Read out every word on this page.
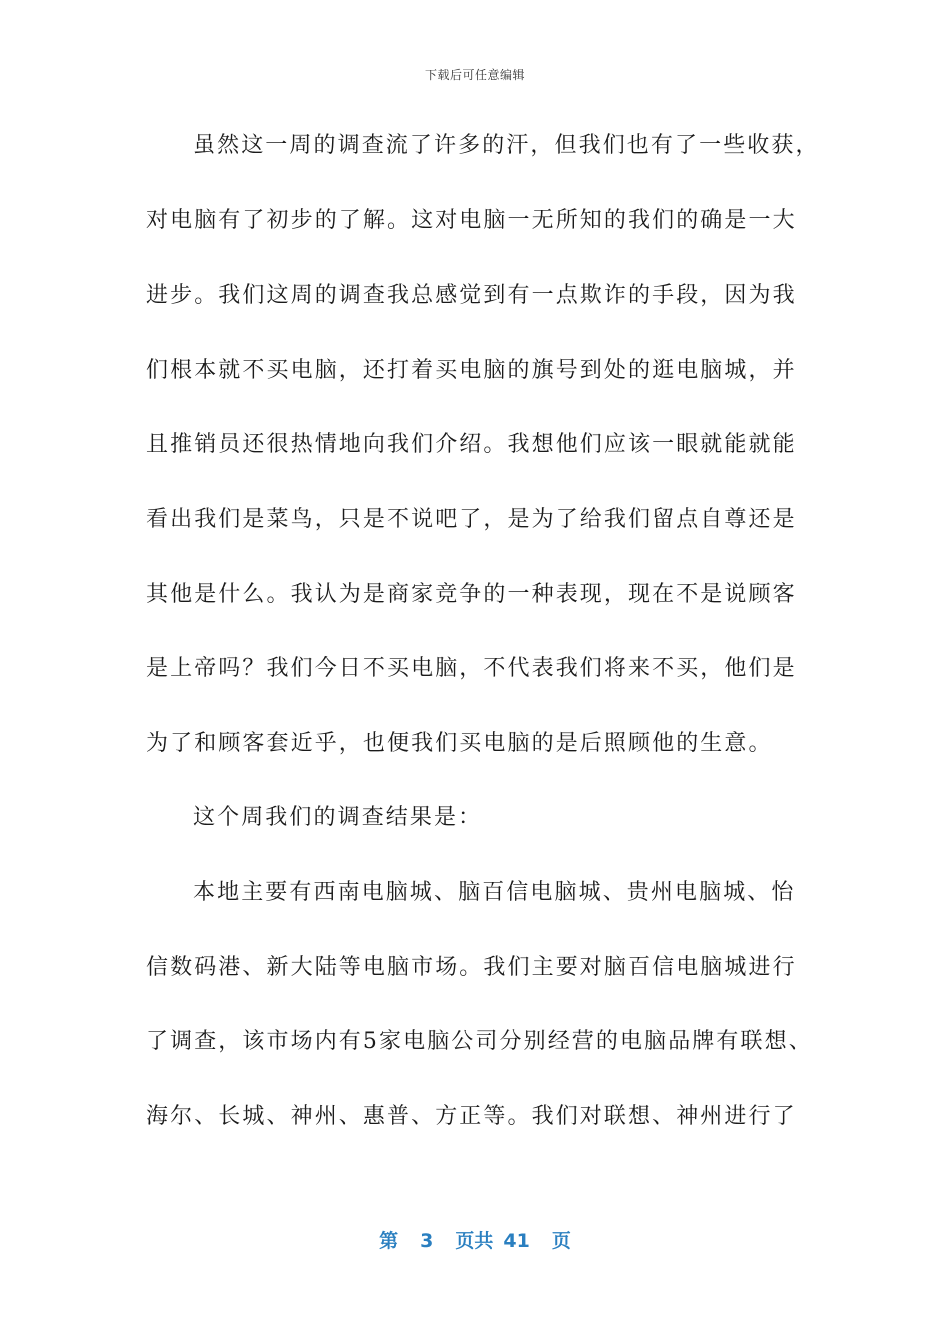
下载后可任意编辑
虽然这一周的调查流了许多的汗，但我们也有了一些收获，
对电脑有了初步的了解。这对电脑一无所知的我们的确是一大
进步。我们这周的调查我总感觉到有一点欺诈的手段，因为我
们根本就不买电脑，还打着买电脑的旗号到处的逛电脑城，并
且推销员还很热情地向我们介绍。我想他们应该一眼就能就能
看出我们是菜鸟，只是不说吧了，是为了给我们留点自尊还是
其他是什么。我认为是商家竞争的一种表现，现在不是说顾客
是上帝吗？我们今日不买电脑，不代表我们将来不买，他们是
为了和顾客套近乎，也便我们买电脑的是后照顾他的生意。
这个周我们的调查结果是：
本地主要有西南电脑城、脑百信电脑城、贵州电脑城、怡
信数码港、新大陆等电脑市场。我们主要对脑百信电脑城进行
了调查，该市场内有5家电脑公司分别经营的电脑品牌有联想、
海尔、长城、神州、惠普、方正等。我们对联想、神州进行了
第 3 页共 41 页
